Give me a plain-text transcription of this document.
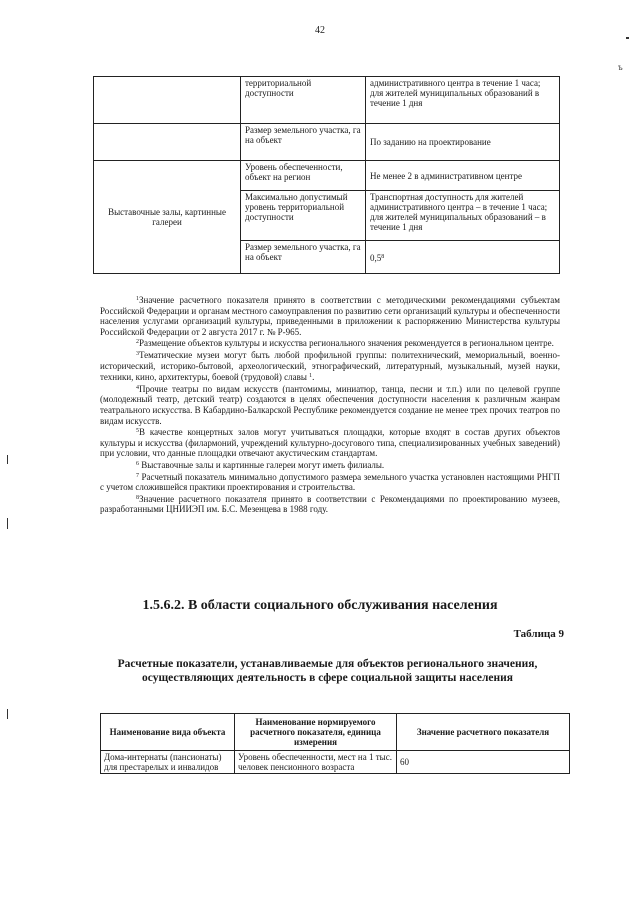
42
ъ
	территориальной доступности	административного центра в течение 1 часа; для жителей муниципальных образований в течение 1 дня
	Размер земельного участка, га на объект	По заданию на проектирование
Выставочные залы, картинные галереи	Уровень обеспеченности, объект на регион	Не менее 2 в административном центре
	Максимально допустимый уровень территориальной доступности	Транспортная доступность для жителей административного центра – в течение 1 часа; для жителей муниципальных образований – в течение 1 дня
	Размер земельного участка, га на объект	$0,5^8$

$^1$Значение расчетного показателя принято в соответствии с методическими рекомендациями субъектам Российской Федерации и органам местного самоуправления по развитию сети организаций культуры и обеспеченности населения услугами организаций культуры, приведенными в приложении к распоряжению Министерства культуры Российской Федерации от 2 августа 2017 г. № Р-965.

$^2$Размещение объектов культуры и искусства регионального значения рекомендуется в региональном центре.

$^3$Тематические музеи могут быть любой профильной группы: политехнический, мемориальный, военно-исторический, историко-бытовой, археологический, этнографический, литературный, музыкальный, музей науки, техники, кино, архитектуры, боевой (трудовой) славы $^1$.

$^4$Прочие театры по видам искусств (пантомимы, миниатюр, танца, песни и т.п.) или по целевой группе (молодежный театр, детский театр) создаются в целях обеспечения доступности населения к различным жанрам театрального искусства. В Кабардино-Балкарской Республике рекомендуется создание не менее трех прочих театров по видам искусств.

$^5$В качестве концертных залов могут учитываться площадки, которые входят в состав других объектов культуры и искусства (филармоний, учреждений культурно-досугового типа, специализированных учебных заведений) при условии, что данные площадки отвечают акустическим стандартам.

$^6$ Выставочные залы и картинные галереи могут иметь филиалы.

$^7$ Расчетный показатель минимально допустимого размера земельного участка установлен настоящими РНГП с учетом сложившейся практики проектирования и строительства.

$^8$Значение расчетного показателя принято в соответствии с Рекомендациями по проектированию музеев, разработанными ЦНИИЭП им. Б.С. Мезенцева в 1988 году.

1.5.6.2. В области социального обслуживания населения
Таблица 9
Расчетные показатели, устанавливаемые для объектов регионального значения, осуществляющих деятельность в сфере социальной защиты населения
Наименование вида объекта	Наименование нормируемого расчетного показателя, единица измерения	Значение расчетного показателя
Дома-интернаты (пансионаты) для престарелых и инвалидов	Уровень обеспеченности, мест на 1 тыс. человек пенсионного возраста	60
